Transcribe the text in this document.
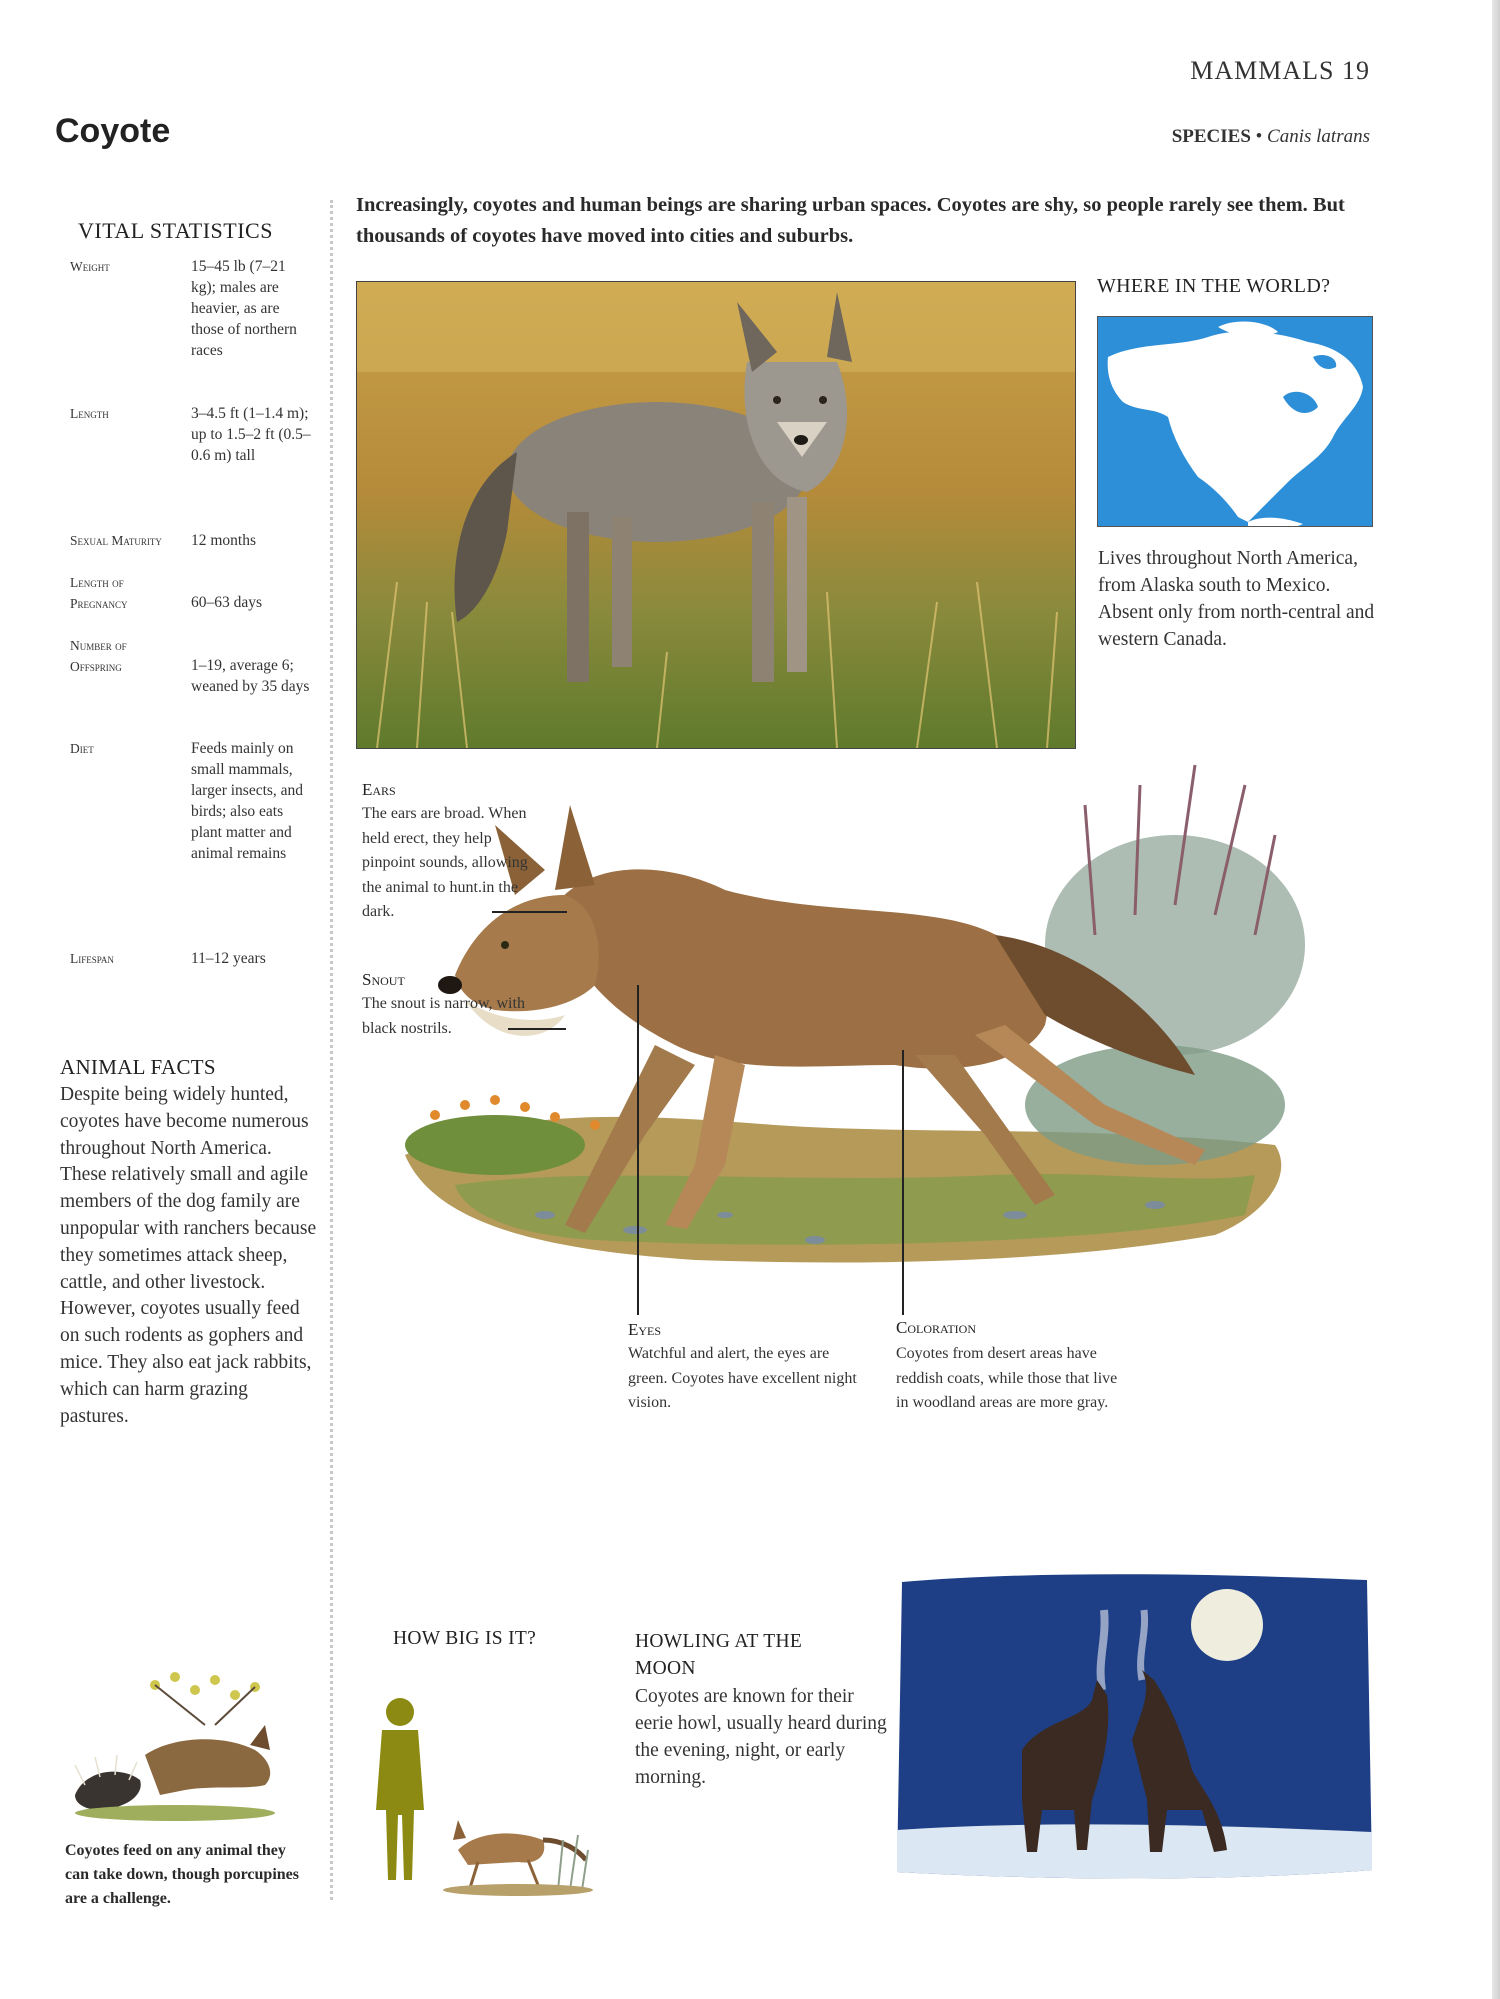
MAMMALS 19
Coyote	SPECIES • Canis latrans
VITAL STATISTICS
Weight	15–45 lb (7–21 kg); males are heavier, as are those of northern races
Length	3–4.5 ft (1–1.4 m); up to 1.5–2 ft (0.5–0.6 m) tall
Sexual Maturity 12 months
Length of Pregnancy	60–63 days
Number of Offspring	1–19, average 6; weaned by 35 days
Diet	Feeds mainly on small mammals, larger insects, and birds; also eats plant matter and animal remains
Lifespan	11–12 years
ANIMAL FACTS
Despite being widely hunted, coyotes have become numerous throughout North America. These relatively small and agile members of the dog family are unpopular with ranchers because they sometimes attack sheep, cattle, and other livestock. However, coyotes usually feed on such rodents as gophers and mice. They also eat jack rabbits, which can harm grazing pastures.
Increasingly, coyotes and human beings are sharing urban spaces. Coyotes are shy, so people rarely see them. But thousands of coyotes have moved into cities and suburbs.
WHERE IN THE WORLD?
Lives throughout North America, from Alaska south to Mexico. Absent only from north-central and western Canada.
Ears
The ears are broad. When held erect, they help pinpoint sounds, allowing the animal to hunt.in the dark.
Snout
The snout is narrow, with black nostrils.
Eyes
Watchful and alert, the eyes are green. Coyotes have excellent night vision.
Coloration
Coyotes from desert areas have reddish coats, while those that live in woodland areas are more gray.
HOW BIG IS IT?	HOWLING AT THE MOON
Coyotes are known for their eerie howl, usually heard during the evening, night, or early morning.
Coyotes feed on any animal they can take down, though porcupines are a challenge.
